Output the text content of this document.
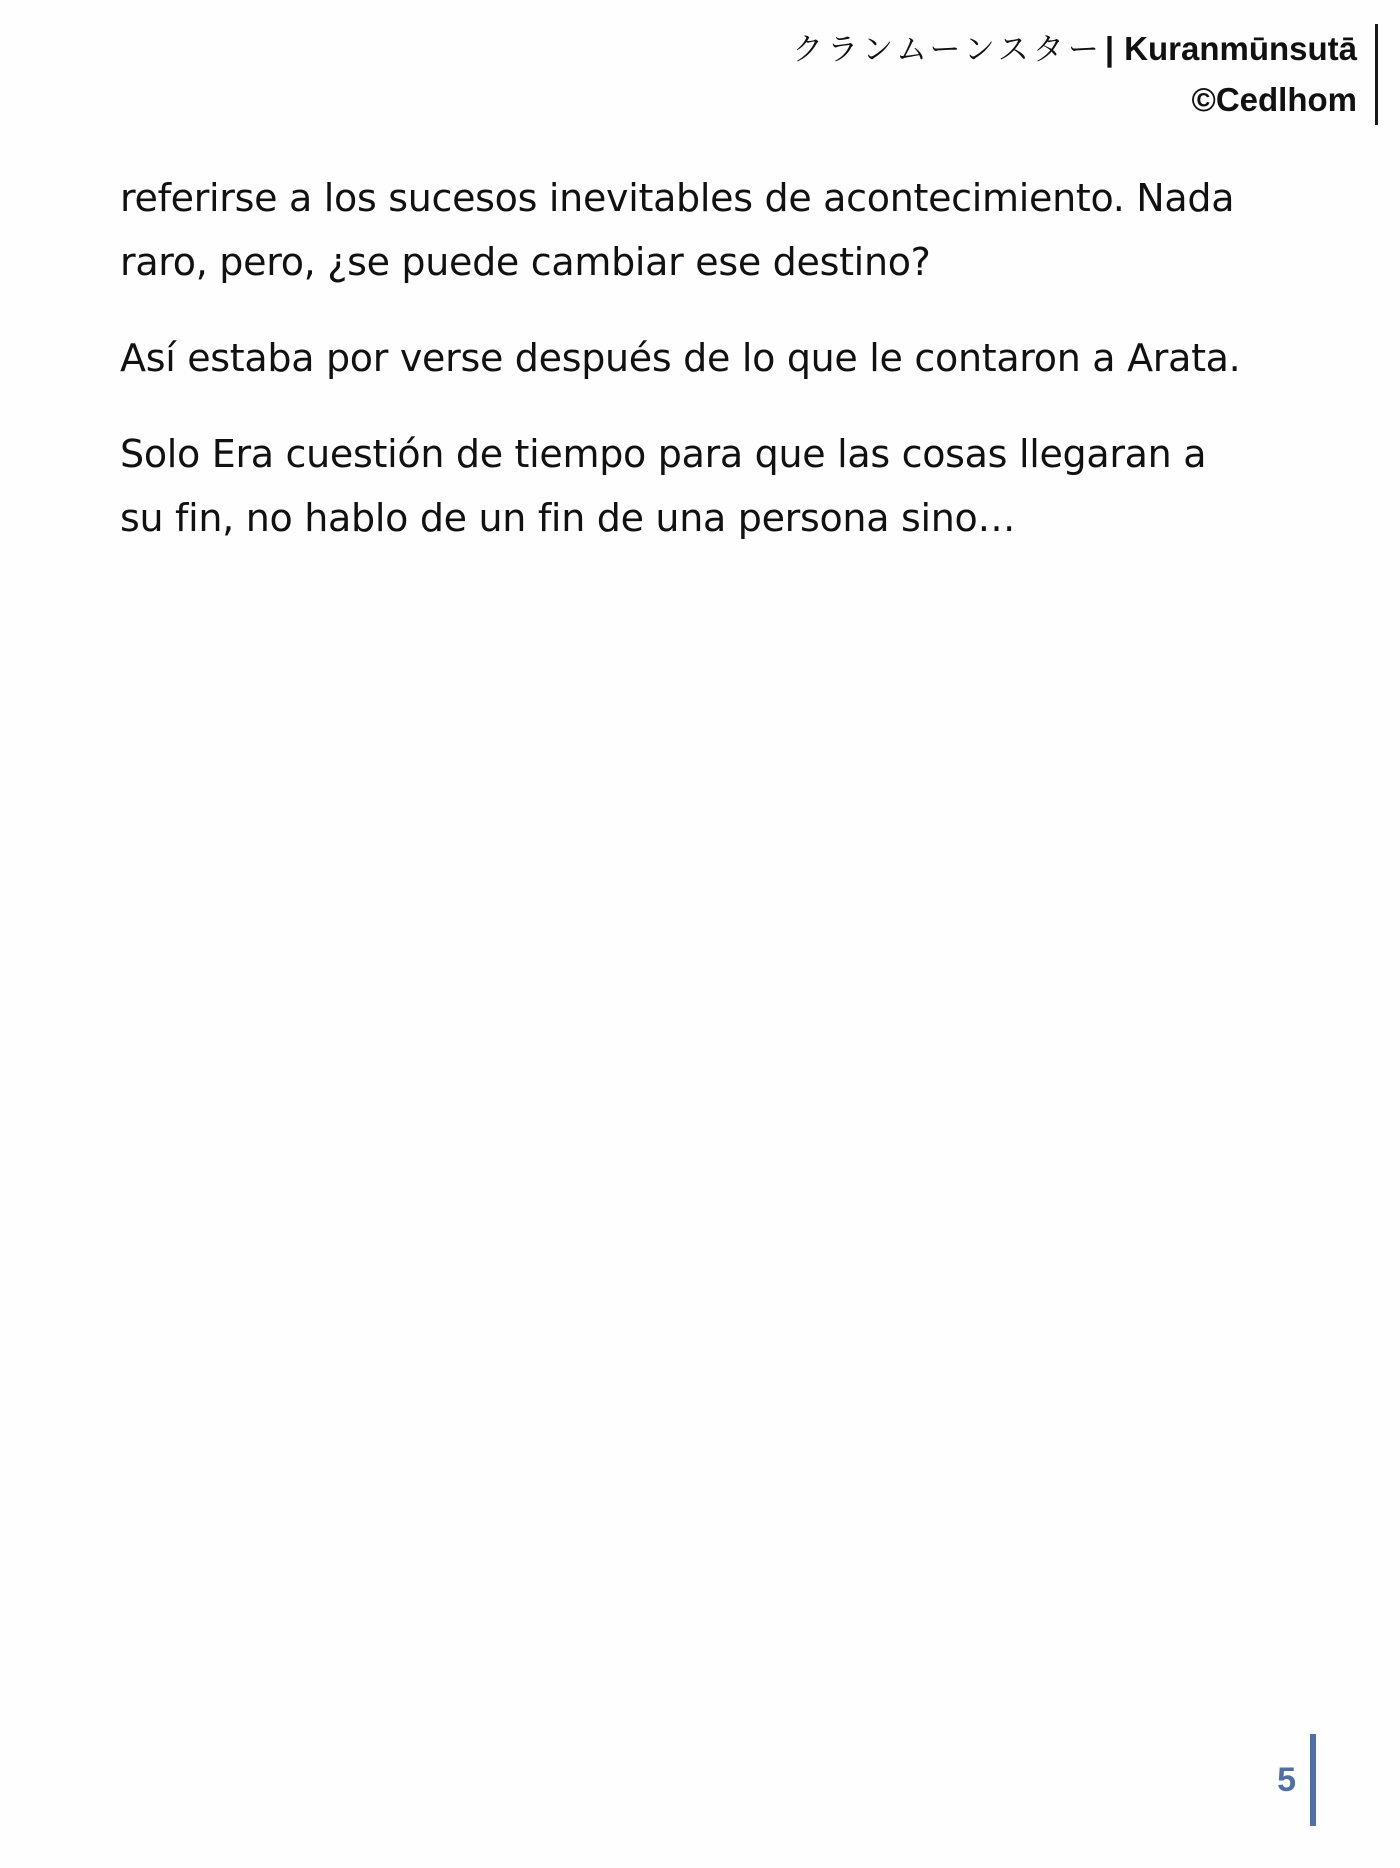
クランムーンスター| Kuranmūnsutā
©Cedlhom

referirse a los sucesos inevitables de acontecimiento. Nada raro, pero, ¿se puede cambiar ese destino?

Así estaba por verse después de lo que le contaron a Arata.

Solo Era cuestión de tiempo para que las cosas llegaran a su fin, no hablo de un fin de una persona sino…

5
